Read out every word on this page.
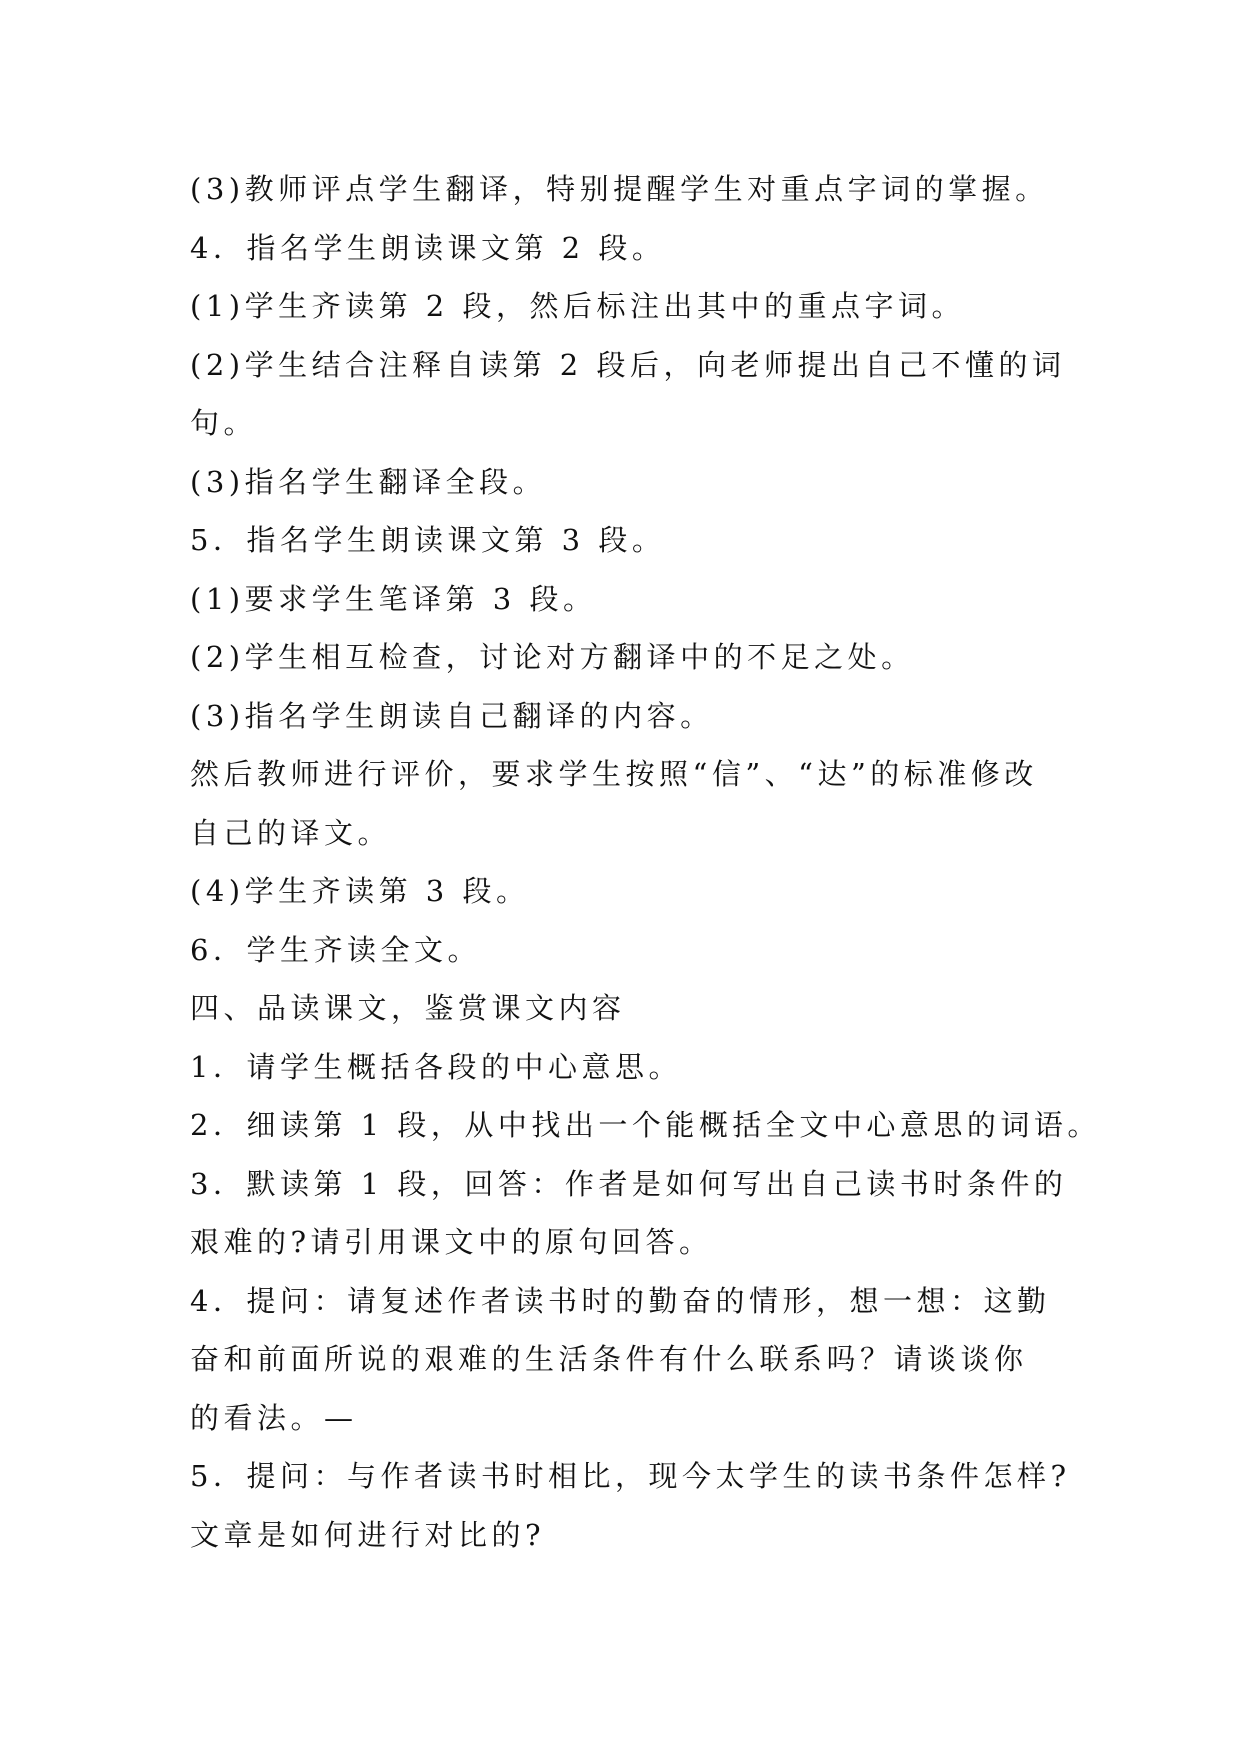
(3)教师评点学生翻译，特别提醒学生对重点字词的掌握。
4．指名学生朗读课文第 2 段。
(1)学生齐读第 2 段，然后标注出其中的重点字词。
(2)学生结合注释自读第 2 段后，向老师提出自己不懂的词
句。
(3)指名学生翻译全段。
5．指名学生朗读课文第 3 段。
(1)要求学生笔译第 3 段。
(2)学生相互检查，讨论对方翻译中的不足之处。
(3)指名学生朗读自己翻译的内容。
然后教师进行评价，要求学生按照“信”、“达”的标准修改
自己的译文。
(4)学生齐读第 3 段。
6．学生齐读全文。
四、品读课文，鉴赏课文内容
1．请学生概括各段的中心意思。
2．细读第 1 段，从中找出一个能概括全文中心意思的词语。
3．默读第 1 段，回答：作者是如何写出自己读书时条件的
艰难的?请引用课文中的原句回答。
4．提问：请复述作者读书时的勤奋的情形，想一想：这勤
奋和前面所说的艰难的生活条件有什么联系吗？请谈谈你
的看法。—
5．提问：与作者读书时相比，现今太学生的读书条件怎样?
文章是如何进行对比的?
